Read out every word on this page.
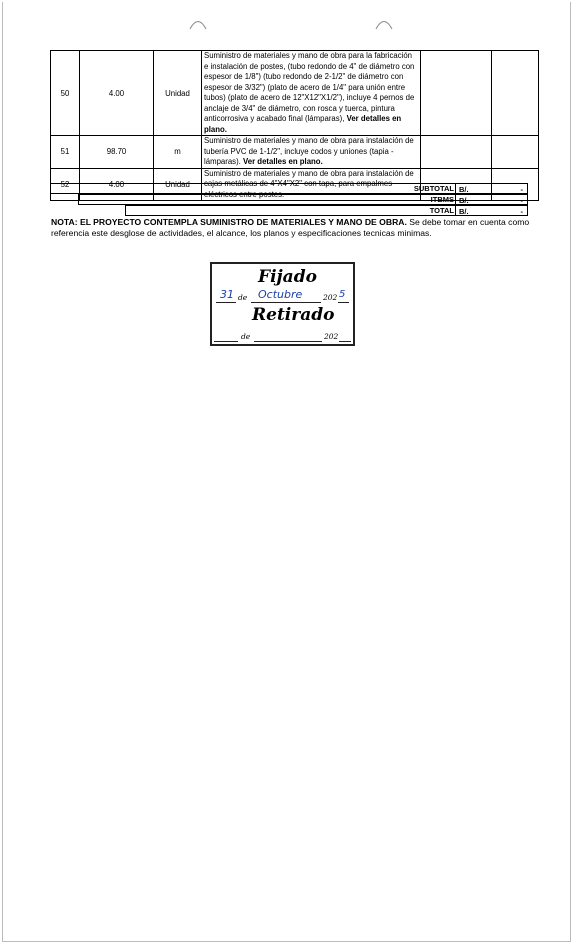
50	4.00	Unidad	Suministro de materiales y mano de obra para la fabricación e instalación de postes, (tubo redondo de 4" de diámetro con espesor de 1/8") (tubo redondo de 2-1/2" de diámetro con espesor de 3/32") (plato de acero de 1/4" para unión entre tubos) (plato de acero de 12"X12"X1/2"), incluye 4 pernos de anclaje de 3/4" de diámetro, con rosca y tuerca, pintura anticorrosiva y acabado final (lámparas), Ver detalles en plano.		
51	98.70	m	Suministro de materiales y mano de obra para instalación de tubería PVC de 1-1/2", incluye codos y uniones (tapia - lámparas). Ver detalles en plano.		
52	4.00	Unidad	Suministro de materiales y mano de obra para instalación de cajas metálicas de 4"X4"X2" con tapa, para empalmes eléctricos entre postes.		
SUBTOTAL B/.	-
ITBMS B/.	-
TOTAL B/.	-
NOTA: EL PROYECTO CONTEMPLA SUMINISTRO DE MATERIALES Y MANO DE OBRA. Se debe tomar en cuenta como referencia este desglose de actividades, el alcance, los planos y especificaciones tecnicas minimas.
Fijado
31 de Octubre	202 5
Retirado
de	202
